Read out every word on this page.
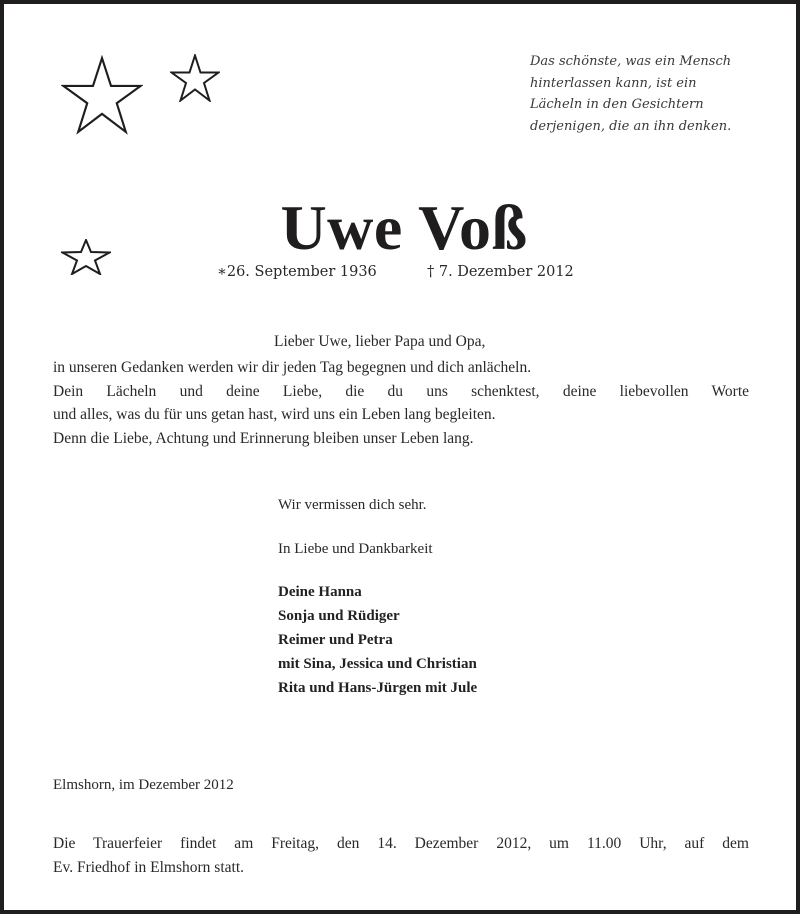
Das schönste, was ein Mensch
hinterlassen kann, ist ein
Lächeln in den Gesichtern
derjenigen, die an ihn denken.
Uwe Voß
∗26. September 1936	† 7. Dezember 2012
Lieber Uwe, lieber Papa und Opa,
in unseren Gedanken werden wir dir jeden Tag begegnen und dich anlächeln.
Dein Lächeln und deine Liebe, die du uns schenktest, deine liebevollen Worte
und alles, was du für uns getan hast, wird uns ein Leben lang begleiten.
Denn die Liebe, Achtung und Erinnerung bleiben unser Leben lang.
Wir vermissen dich sehr.
In Liebe und Dankbarkeit
Deine Hanna
Sonja und Rüdiger
Reimer und Petra
mit Sina, Jessica und Christian
Rita und Hans-Jürgen mit Jule
Elmshorn, im Dezember 2012
Die Trauerfeier findet am Freitag, den 14. Dezember 2012, um 11.00 Uhr, auf dem
Ev. Friedhof in Elmshorn statt.
